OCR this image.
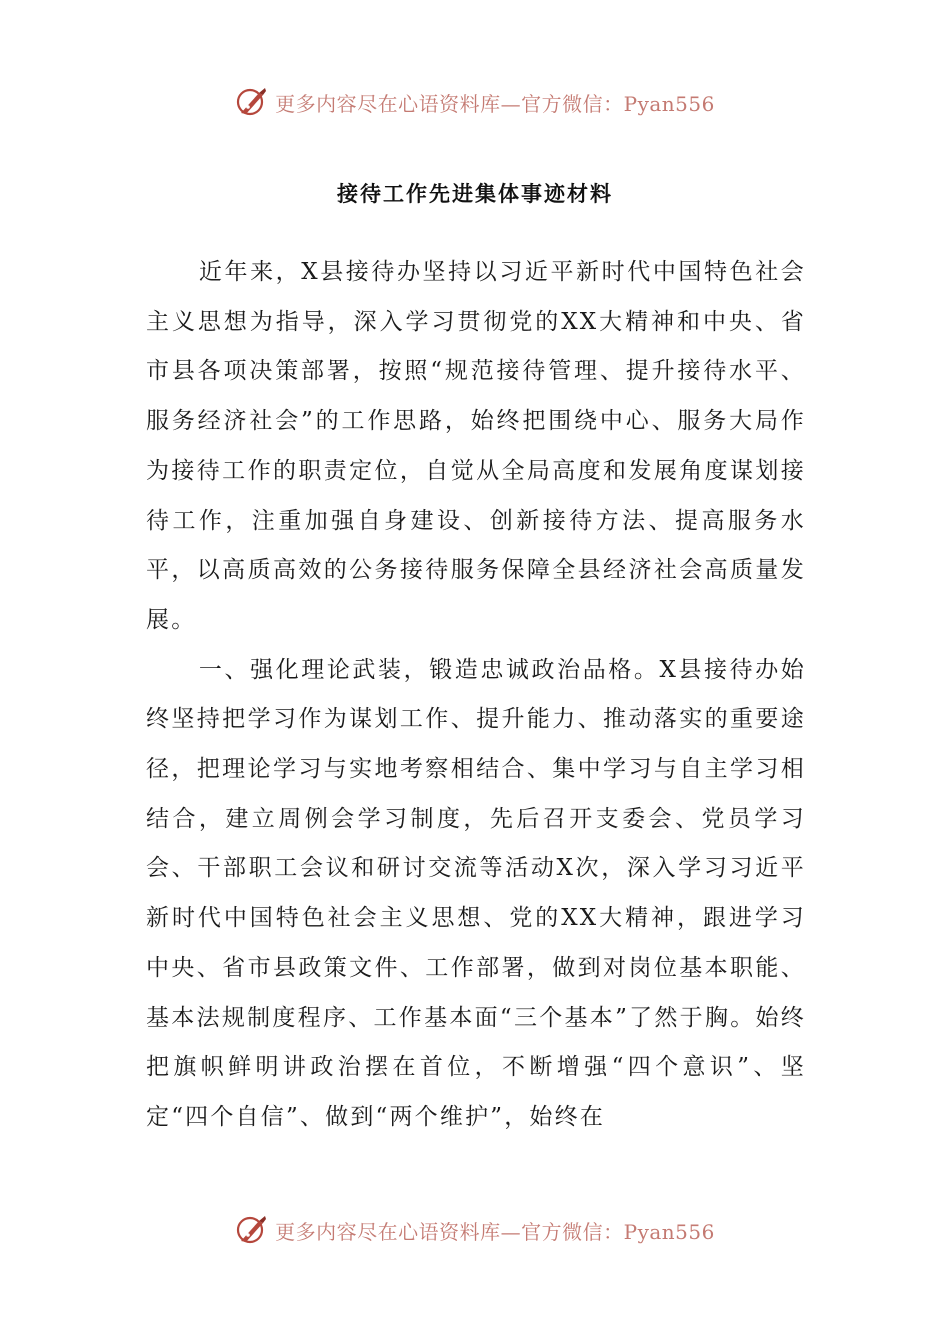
更多内容尽在心语资料库—官方微信：Pyan556
接待工作先进集体事迹材料

近年来，X县接待办坚持以习近平新时代中国特色社会主义思想为指导，深入学习贯彻党的XX大精神和中央、省市县各项决策部署，按照“规范接待管理、提升接待水平、服务经济社会”的工作思路，始终把围绕中心、服务大局作为接待工作的职责定位，自觉从全局高度和发展角度谋划接待工作，注重加强自身建设、创新接待方法、提高服务水平，以高质高效的公务接待服务保障全县经济社会高质量发展。

一、强化理论武装，锻造忠诚政治品格。X县接待办始终坚持把学习作为谋划工作、提升能力、推动落实的重要途径，把理论学习与实地考察相结合、集中学习与自主学习相结合，建立周例会学习制度，先后召开支委会、党员学习会、干部职工会议和研讨交流等活动X次，深入学习习近平新时代中国特色社会主义思想、党的XX大精神，跟进学习中央、省市县政策文件、工作部署，做到对岗位基本职能、基本法规制度程序、工作基本面“三个基本”了然于胸。始终把旗帜鲜明讲政治摆在首位，不断增强“四个意识”、坚定“四个自信”、做到“两个维护”，始终在

更多内容尽在心语资料库—官方微信：Pyan556
